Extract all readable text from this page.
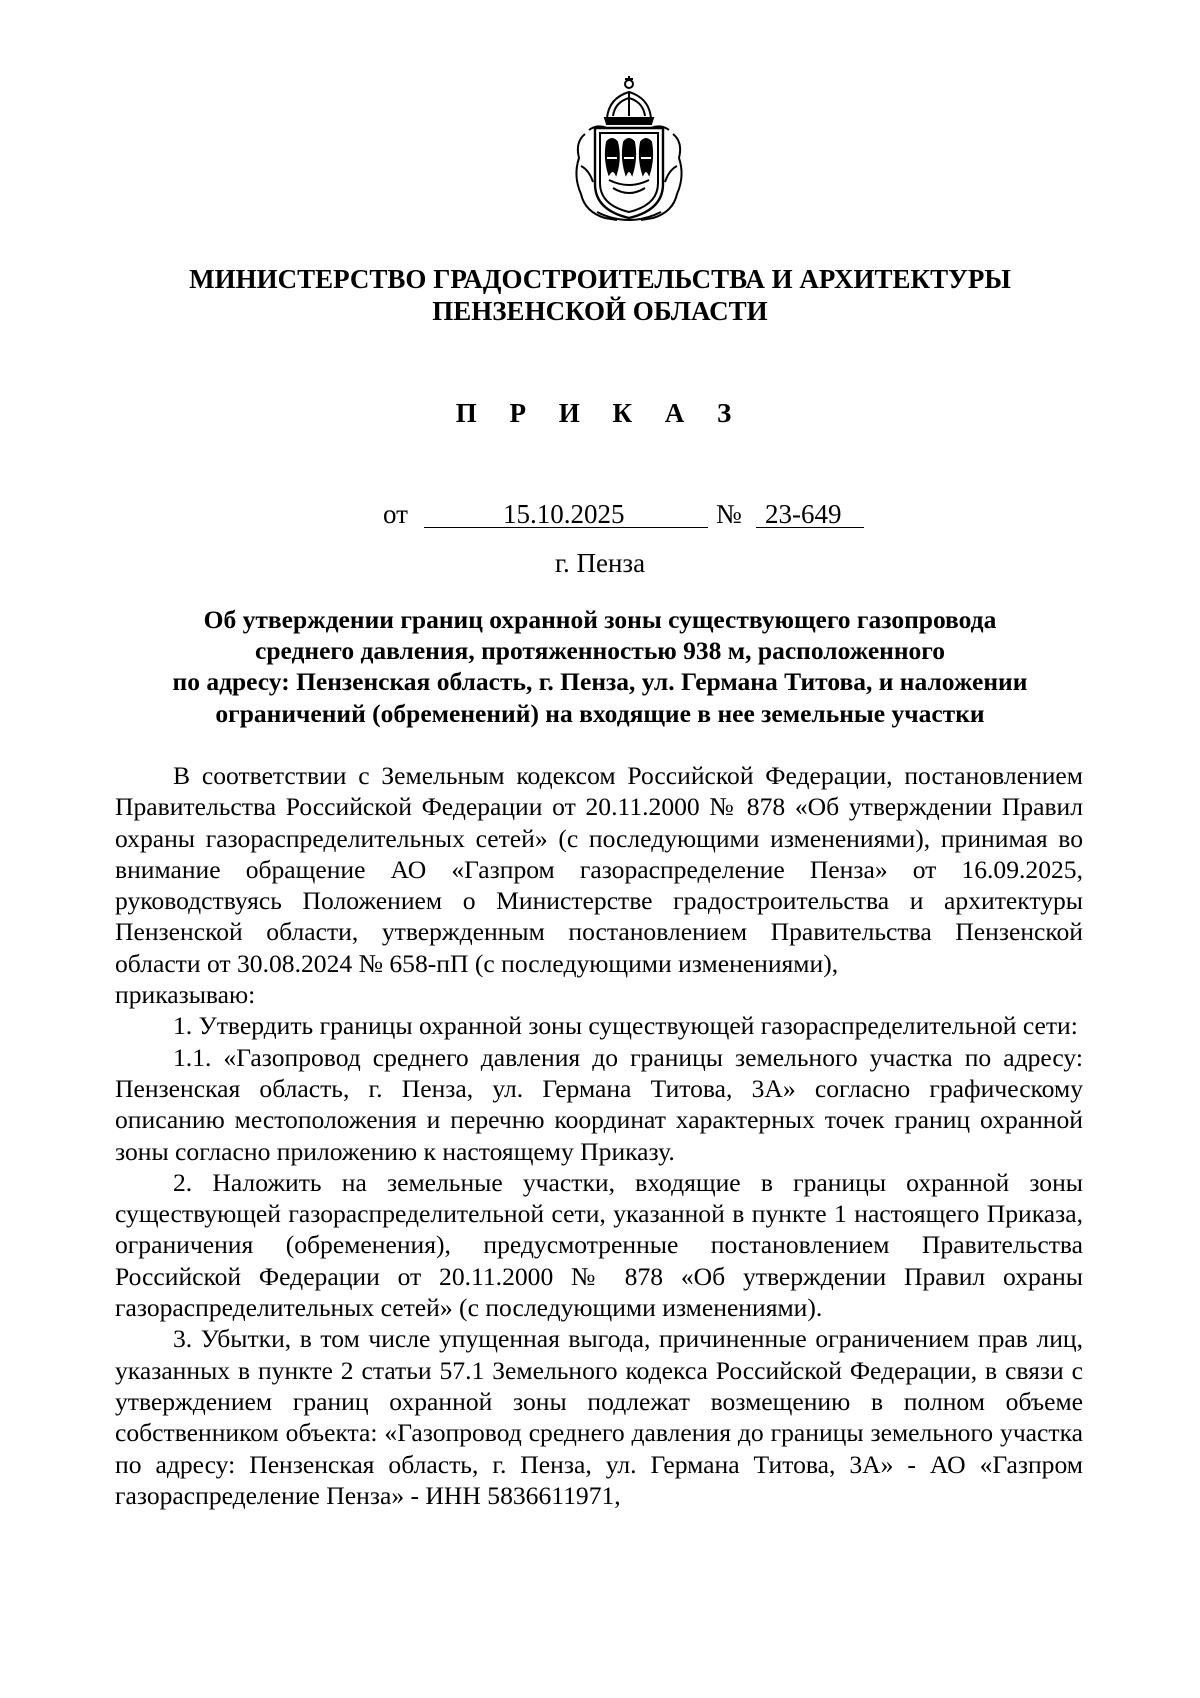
МИНИСТЕРСТВО ГРАДОСТРОИТЕЛЬСТВА И АРХИТЕКТУРЫ
ПЕНЗЕНСКОЙ ОБЛАСТИ
П Р И К А З
от	15.10.2025	№ 23-649
г. Пенза
Об утверждении границ охранной зоны существующего газопровода
среднего давления, протяженностью 938 м, расположенного
по адресу: Пензенская область, г. Пенза, ул. Германа Титова, и наложении
ограничений (обременений) на входящие в нее земельные участки

В соответствии с Земельным кодексом Российской Федерации, постановлением Правительства Российской Федерации от 20.11.2000 № 878 «Об утверждении Правил охраны газораспределительных сетей» (с последующими изменениями), принимая во внимание обращение АО «Газпром газораспределение Пенза» от 16.09.2025, руководствуясь Положением о Министерстве градостроительства и архитектуры Пензенской области, утвержденным постановлением Правительства Пензенской области от 30.08.2024 № 658-пП (с последующими изменениями),

приказываю:

1. Утвердить границы охранной зоны существующей газораспределительной сети:

1.1. «Газопровод среднего давления до границы земельного участка по адресу: Пензенская область, г. Пенза, ул. Германа Титова, 3А» согласно графическому описанию местоположения и перечню координат характерных точек границ охранной зоны согласно приложению к настоящему Приказу.

2. Наложить на земельные участки, входящие в границы охранной зоны существующей газораспределительной сети, указанной в пункте 1 настоящего Приказа, ограничения (обременения), предусмотренные постановлением Правительства Российской Федерации от 20.11.2000 № 878 «Об утверждении Правил охраны газораспределительных сетей» (с последующими изменениями).

3. Убытки, в том числе упущенная выгода, причиненные ограничением прав лиц, указанных в пункте 2 статьи 57.1 Земельного кодекса Российской Федерации, в связи с утверждением границ охранной зоны подлежат возмещению в полном объеме собственником объекта: «Газопровод среднего давления до границы земельного участка по адресу: Пензенская область, г. Пенза, ул. Германа Титова, 3А» - АО «Газпром газораспределение Пенза» - ИНН 5836611971,
